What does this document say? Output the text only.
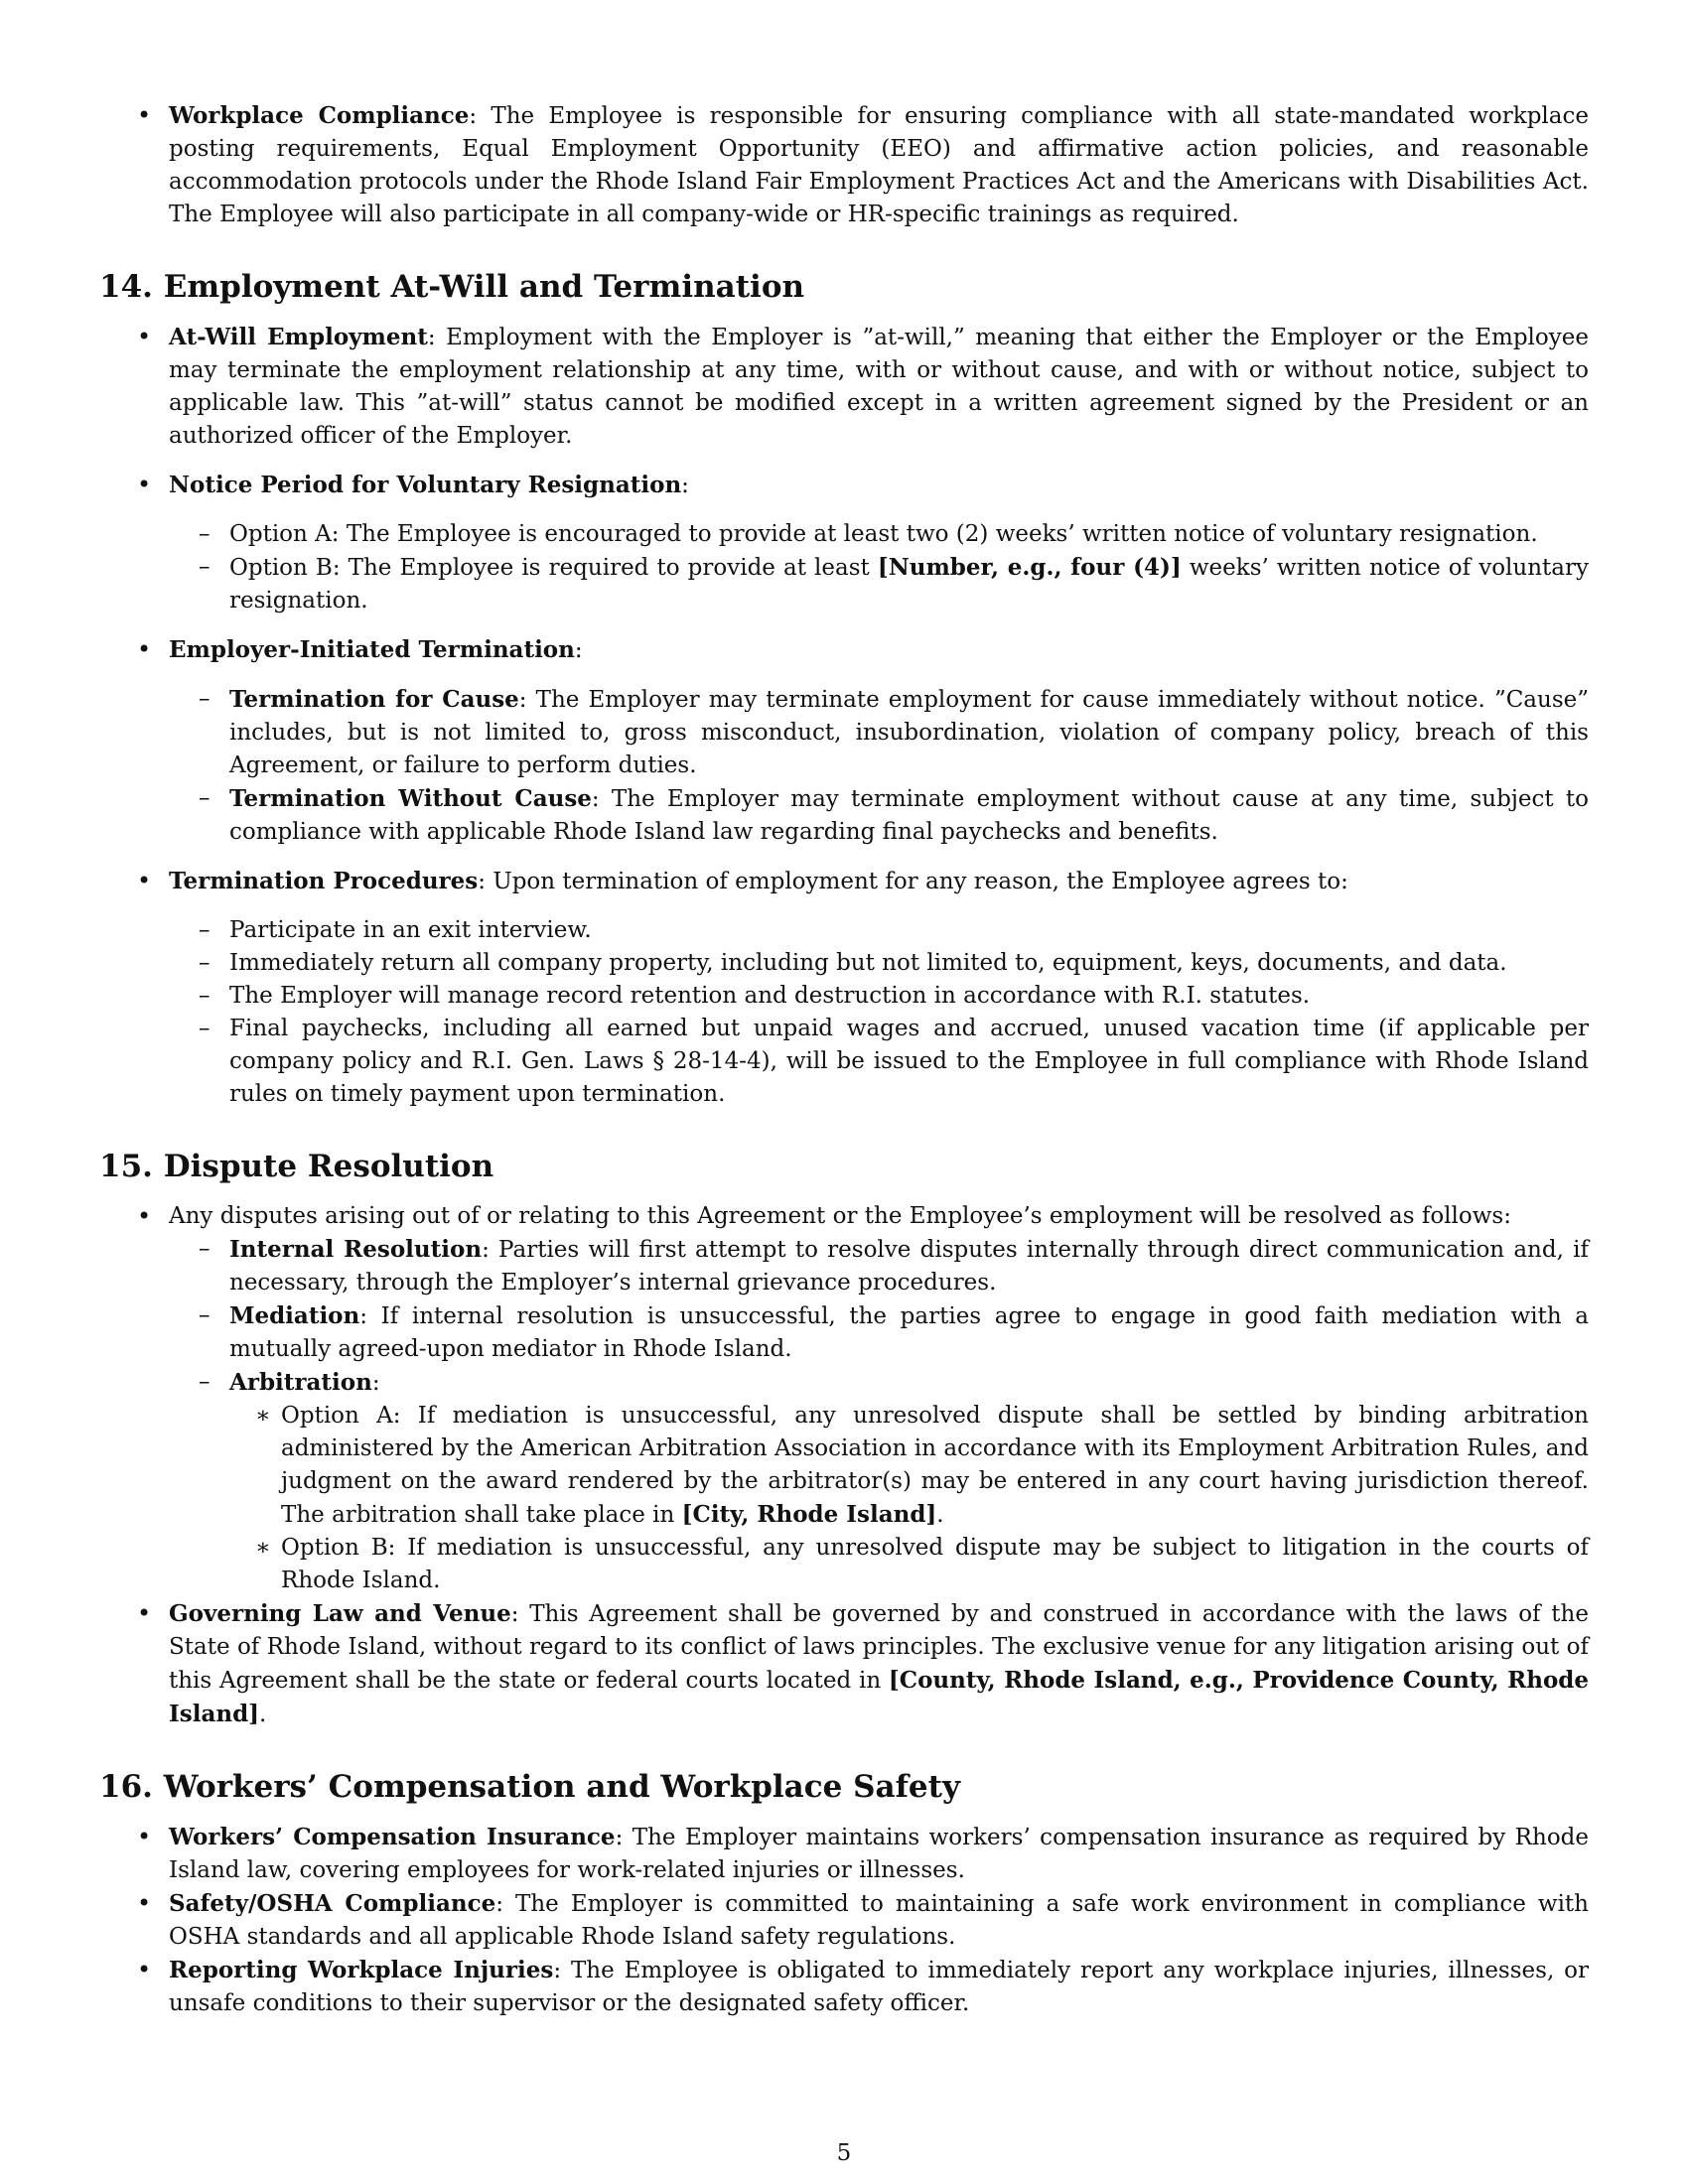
• Workplace Compliance: The Employee is responsible for ensuring compliance with all state-mandated workplace posting requirements, Equal Employment Opportunity (EEO) and affirmative action policies, and reasonable accommodation protocols under the Rhode Island Fair Employment Practices Act and the Americans with Disabilities Act. The Employee will also participate in all company-wide or HR-specific trainings as required.

14. Employment At-Will and Termination

• At-Will Employment: Employment with the Employer is ”at-will,” meaning that either the Employer or the Employee may terminate the employment relationship at any time, with or without cause, and with or without notice, subject to applicable law. This ”at-will” status cannot be modified except in a written agreement signed by the President or an authorized officer of the Employer.

• Notice Period for Voluntary Resignation:

– Option A: The Employee is encouraged to provide at least two (2) weeks’ written notice of voluntary resignation.

– Option B: The Employee is required to provide at least [Number, e.g., four (4)] weeks’ written notice of voluntary resignation.

• Employer-Initiated Termination:

– Termination for Cause: The Employer may terminate employment for cause immediately without notice. ”Cause” includes, but is not limited to, gross misconduct, insubordination, violation of company policy, breach of this Agreement, or failure to perform duties.

– Termination Without Cause: The Employer may terminate employment without cause at any time, subject to compliance with applicable Rhode Island law regarding final paychecks and benefits.

• Termination Procedures: Upon termination of employment for any reason, the Employee agrees to:

– Participate in an exit interview.

– Immediately return all company property, including but not limited to, equipment, keys, documents, and data.

– The Employer will manage record retention and destruction in accordance with R.I. statutes.

– Final paychecks, including all earned but unpaid wages and accrued, unused vacation time (if applicable per company policy and R.I. Gen. Laws § 28-14-4), will be issued to the Employee in full compliance with Rhode Island rules on timely payment upon termination.

15. Dispute Resolution

• Any disputes arising out of or relating to this Agreement or the Employee’s employment will be resolved as follows:

– Internal Resolution: Parties will first attempt to resolve disputes internally through direct communication and, if necessary, through the Employer’s internal grievance procedures.

– Mediation: If internal resolution is unsuccessful, the parties agree to engage in good faith mediation with a mutually agreed-upon mediator in Rhode Island.

– Arbitration:

∗ Option A: If mediation is unsuccessful, any unresolved dispute shall be settled by binding arbitration administered by the American Arbitration Association in accordance with its Employment Arbitration Rules, and judgment on the award rendered by the arbitrator(s) may be entered in any court having jurisdiction thereof. The arbitration shall take place in [City, Rhode Island].

∗ Option B: If mediation is unsuccessful, any unresolved dispute may be subject to litigation in the courts of Rhode Island.

• Governing Law and Venue: This Agreement shall be governed by and construed in accordance with the laws of the State of Rhode Island, without regard to its conflict of laws principles. The exclusive venue for any litigation arising out of this Agreement shall be the state or federal courts located in [County, Rhode Island, e.g., Providence County, Rhode Island].

16. Workers’ Compensation and Workplace Safety

• Workers’ Compensation Insurance: The Employer maintains workers’ compensation insurance as required by Rhode Island law, covering employees for work-related injuries or illnesses.

• Safety/OSHA Compliance: The Employer is committed to maintaining a safe work environment in compliance with OSHA standards and all applicable Rhode Island safety regulations.

• Reporting Workplace Injuries: The Employee is obligated to immediately report any workplace injuries, illnesses, or unsafe conditions to their supervisor or the designated safety officer.

5
